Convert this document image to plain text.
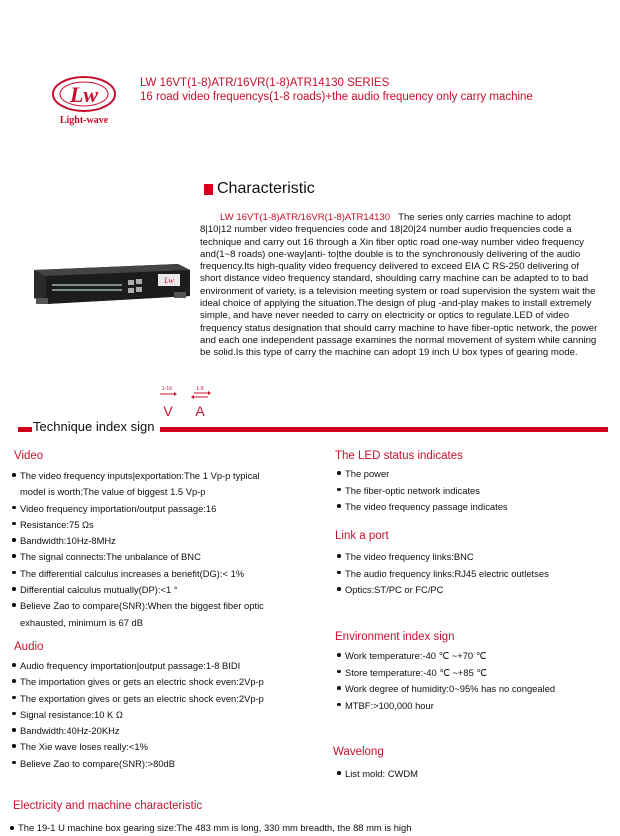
Lw
Light-wave
LW 16VT(1-8)ATR/16VR(1-8)ATR14130 SERIES
16 road video frequencys(1-8 roads)+the audio frequency only carry machine
Characteristic
LW 16VT(1-8)ATR/16VR(1-8)ATR14130 The series only carries machine to adopt 8|10|12 number video frequencies code and 18|20|24 number audio frequencies code a technique and carry out 16 through a Xin fiber optic road one-way number video frequency and(1~8 roads) one-way|anti- to|the double is to the synchronously delivering of the audio frequency.Its high-quality video frequency delivered to exceed EIA C RS-250 delivering of short distance video frequency standard, shoulding carry machine can be adapted to to bad environment of variety, is a television meeting system or road supervision the system wait the ideal choice of applying the situation.The design of plug -and-play makes to install extremely simple, and have never needed to carry on electricity or optics to regulate.LED of video frequency status designation that should carry machine to have fiber-optic network, the power and each one independent passage examines the normal movement of system while canning be solid.Is this type of carry the machine can adopt 19 inch U box types of gearing mode.
Lw
1-16
V
1-8
A
Technique index sign
Video
The video frequency inputs|exportation:The 1 Vp-p typical
model is worth;The value of biggest 1.5 Vp-p
Video frequency importation/output passage:16
Resistance:75 Ωs
Bandwidth:10Hz-8MHz
The signal connects:The unbalance of BNC
The differential calculus increases a benefit(DG):< 1%
Differential calculus mutually(DP):<1 °
Believe Zao to compare(SNR):When the biggest fiber optic
exhausted, minimum is 67 dB
Audio
Audio frequency importation|output passage:1-8 BIDI
The importation gives or gets an electric shock even:2Vp-p
The exportation gives or gets an electric shock even:2Vp-p
Signal resistance:10 K Ω
Bandwidth:40Hz-20KHz
The Xie wave loses really:<1%
Believe Zao to compare(SNR):>80dB
The LED status indicates
The power
The fiber-optic network indicates
The video frequency passage indicates
Link a port
The video frequency links:BNC
The audio frequency links:RJ45 electric outletses
Optics:ST/PC or FC/PC
Environment index sign
Work temperature:-40 ℃ ~+70 ℃
Store temperature:-40 ℃ ~+85 ℃
Work degree of humidity:0~95% has no congealed
MTBF:>100,000 hour
Wavelong
List mold: CWDM
Electricity and machine characteristic
The 19-1 U machine box gearing size:The 483 mm is long, 330 mm breadth, the 88 mm is high
